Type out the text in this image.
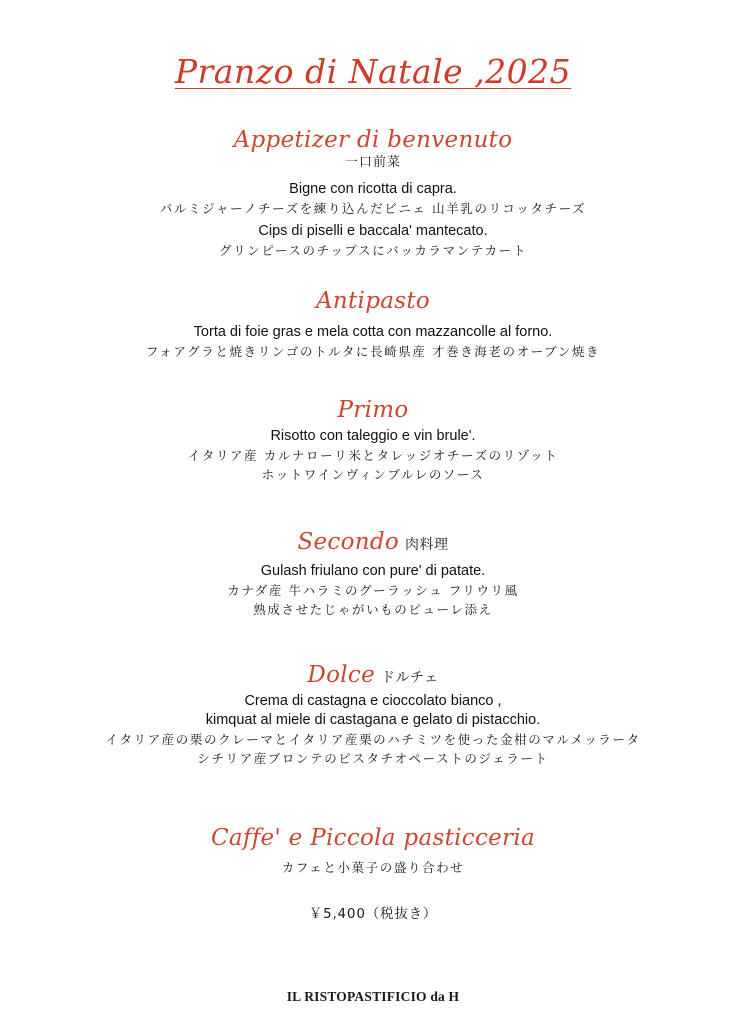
Pranzo di Natale ,2025
Appetizer di benvenuto
一口前菜
Bigne con ricotta di capra.
パルミジャーノチーズを練り込んだビニェ 山羊乳のリコッタチーズ
Cips di piselli e baccala' mantecato.
グリンピースのチップスにバッカラマンテカート
Antipasto
Torta di foie gras e mela cotta con mazzancolle al forno.
フォアグラと焼きリンゴのトルタに長崎県産 才巻き海老のオーブン焼き
Primo
Risotto con taleggio e vin brule'.
イタリア産 カルナローリ米とタレッジオチーズのリゾット
ホットワインヴィンブルレのソース
Secondo 肉料理
Gulash friulano con pure' di patate.
カナダ産 牛ハラミのグーラッシュ フリウリ風
熟成させたじゃがいものピューレ添え
Dolce ドルチェ
Crema di castagna e cioccolato bianco ,
kimquat al miele di castagana e gelato di pistacchio.
イタリア産の栗のクレーマとイタリア産栗のハチミツを使った金柑のマルメッラータ
シチリア産ブロンテのピスタチオペーストのジェラート
Caffe' e Piccola pasticceria
カフェと小菓子の盛り合わせ
￥5,400（税抜き）
IL RISTOPASTIFICIO da H
